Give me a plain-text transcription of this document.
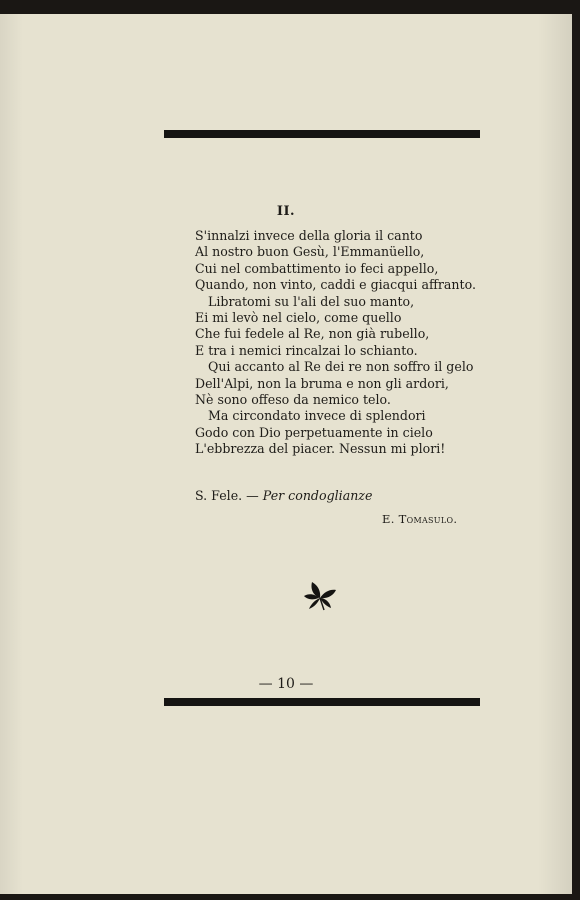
II.
S'innalzi invece della gloria il canto
Al nostro buon Gesù, l'Emmanüello,
Cui nel combattimento io feci appello,
Quando, non vinto, caddi e giacqui affranto.
Libratomi su l'ali del suo manto,
Ei mi levò nel cielo, come quello
Che fui fedele al Re, non già rubello,
E tra i nemici rincalzai lo schianto.
Qui accanto al Re dei re non soffro il gelo
Dell'Alpi, non la bruma e non gli ardori,
Nè sono offeso da nemico telo.
Ma circondato invece di splendori
Godo con Dio perpetuamente in cielo
L'ebbrezza del piacer. Nessun mi plori!
S. Fele. — Per condoglianze
E. Tomasulo.
— 10 —
